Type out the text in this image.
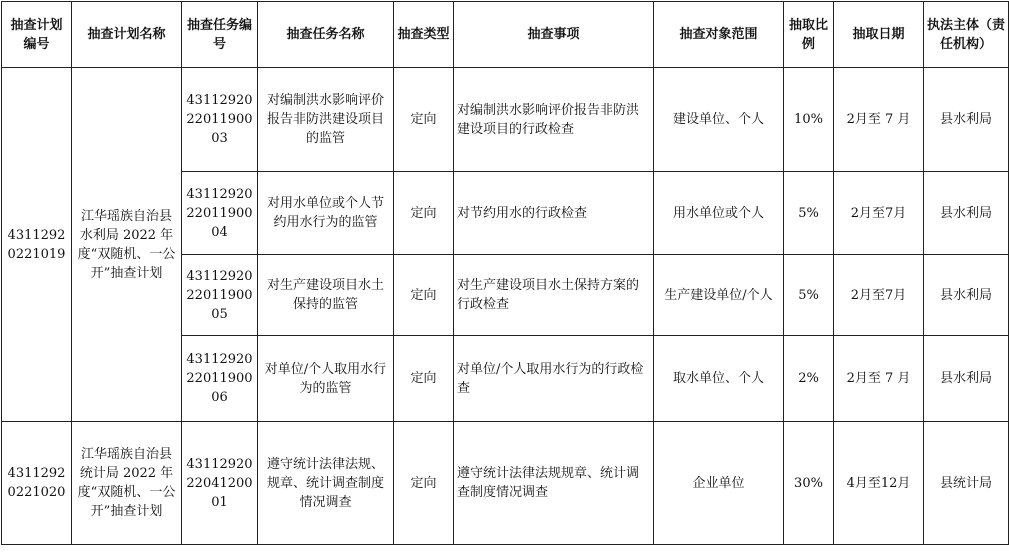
抽查计划编号	抽查计划名称	抽查任务编号	抽查任务名称	抽查类型	抽查事项	抽查对象范围	抽取比例	抽取日期	执法主体（责任机构）
43112920221019	江华瑶族自治县水利局 2022 年度“双随机、一公开”抽查计划	431129202201190003	对编制洪水影响评价报告非防洪建设项目的监管	定向	对编制洪水影响评价报告非防洪建设项目的行政检查	建设单位、个人	10%	2月至 7 月	县水利局
		431129202201190004	对用水单位或个人节约用水行为的监管	定向	对节约用水的行政检查	用水单位或个人	5%	2月至7月	县水利局
		431129202201190005	对生产建设项目水土保持的监管	定向	对生产建设项目水土保持方案的行政检查	生产建设单位/个人	5%	2月至7月	县水利局
		431129202201190006	对单位/个人取用水行为的监管	定向	对单位/个人取用水行为的行政检查	取水单位、个人	2%	2月至 7 月	县水利局
43112920221020	江华瑶族自治县统计局 2022 年度“双随机、一公开”抽查计划	431129202204120001	遵守统计法律法规、规章、统计调查制度情况调查	定向	遵守统计法律法规规章、统计调查制度情况调查	企业单位	30%	4月至12月	县统计局
